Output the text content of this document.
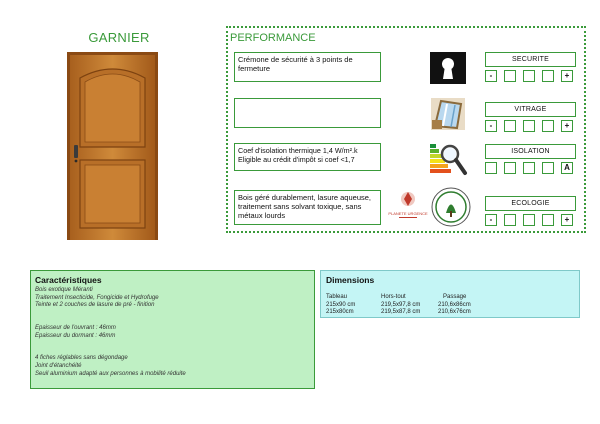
GARNIER	PERFORMANCE
Crémone de sécurité à 3 points de fermeture
Coef d'isolation thermique 1,4 W/m².k
Eligible au crédit d'impôt si coef <1,7
Bois géré durablement, lasure aqueuse, traitement sans solvant toxique, sans métaux lourds	PLANETE URGENCE
SECURITE
-
VITRAGE
-
ISOLATION
ECOLOGIE
-
+
+
A
+
Caractéristiques

Bois exotique Méranti

Traitement Insecticide, Fongicide et Hydrofuge

Teinte et 2 couches de lasure de pré - finition

Epaisseur de l'ouvrant : 46mm

Epaisseur du dormant : 46mm

4 fiches réglables sans dégondage

Joint d'étanchéité

Seuil aluminium adapté aux personnes à mobilité réduite

Dimensions
Tableau	Hors-tout	Passage
215x90 cm	219,5x97,8 cm	210,6x86cm
215x80cm	219,5x87,8 cm	210,6x76cm
